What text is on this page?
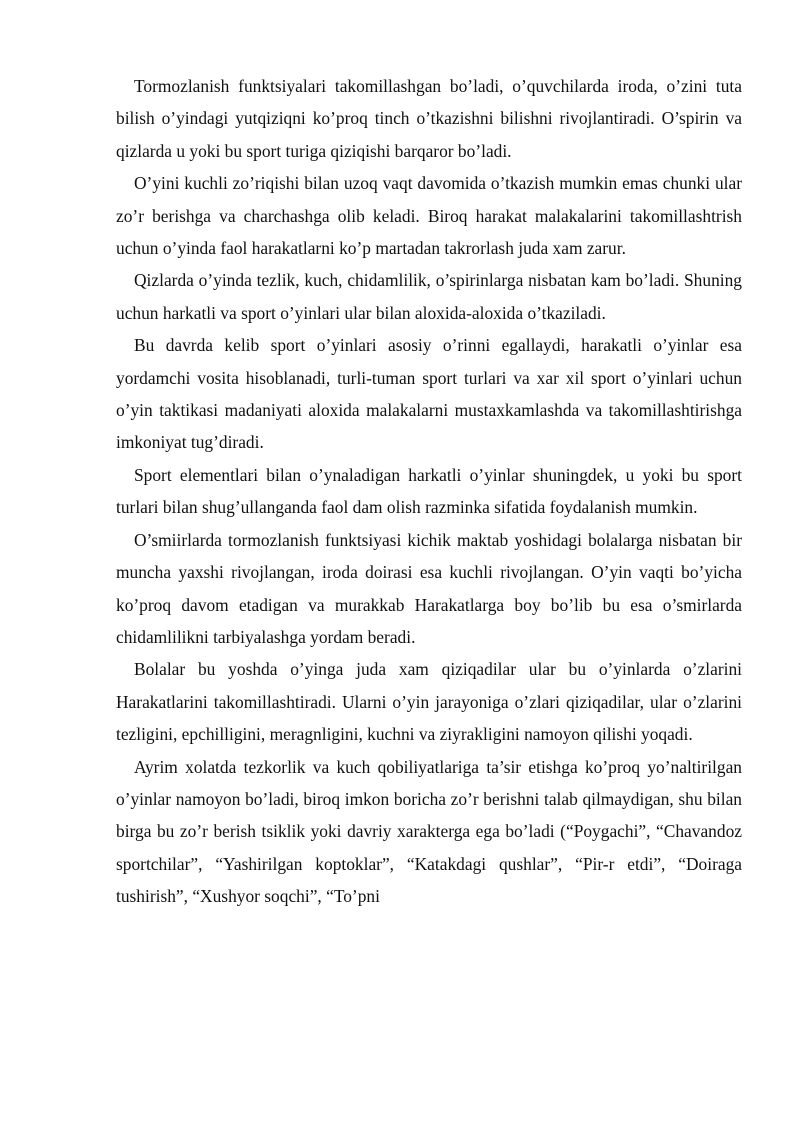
Tormozlanish funktsiyalari takomillashgan bo’ladi, o’quvchilarda iroda, o’zini tuta bilish o’yindagi yutqiziqni ko’proq tinch o’tkazishni bilishni rivojlantiradi. O’spirin va qizlarda u yoki bu sport turiga qiziqishi barqaror bo’ladi.

O’yini kuchli zo’riqishi bilan uzoq vaqt davomida o’tkazish mumkin emas chunki ular zo’r berishga va charchashga olib keladi. Biroq harakat malakalarini takomillashtrish uchun o’yinda faol harakatlarni ko’p martadan takrorlash juda xam zarur.

Qizlarda o’yinda tezlik, kuch, chidamlilik, o’spirinlarga nisbatan kam bo’ladi. Shuning uchun harkatli va sport o’yinlari ular bilan aloxida-aloxida o’tkaziladi.

Bu davrda kelib sport o’yinlari asosiy o’rinni egallaydi, harakatli o’yinlar esa yordamchi vosita hisoblanadi, turli-tuman sport turlari va xar xil sport o’yinlari uchun o’yin taktikasi madaniyati aloxida malakalarni mustaxkamlashda va takomillashtirishga imkoniyat tug’diradi.

Sport elementlari bilan o’ynaladigan harkatli o’yinlar shuningdek, u yoki bu sport turlari bilan shug’ullanganda faol dam olish razminka sifatida foydalanish mumkin.

O’smiirlarda tormozlanish funktsiyasi kichik maktab yoshidagi bolalarga nisbatan bir muncha yaxshi rivojlangan, iroda doirasi esa kuchli rivojlangan. O’yin vaqti bo’yicha ko’proq davom etadigan va murakkab Harakatlarga boy bo’lib bu esa o’smirlarda chidamlilikni tarbiyalashga yordam beradi.

Bolalar bu yoshda o’yinga juda xam qiziqadilar ular bu o’yinlarda o’zlarini Harakatlarini takomillashtiradi. Ularni o’yin jarayoniga o’zlari qiziqadilar, ular o’zlarini tezligini, epchilligini, meragnligini, kuchni va ziyrakligini namoyon qilishi yoqadi.

Ayrim xolatda tezkorlik va kuch qobiliyatlariga ta’sir etishga ko’proq yo’naltirilgan o’yinlar namoyon bo’ladi, biroq imkon boricha zo’r berishni talab qilmaydigan, shu bilan birga bu zo’r berish tsiklik yoki davriy xarakterga ega bo’ladi (“Poygachi”, “Chavandoz sportchilar”, “Yashirilgan koptoklar”, “Katakdagi qushlar”, “Pir-r etdi”, “Doiraga tushirish”, “Xushyor soqchi”, “To’pni
